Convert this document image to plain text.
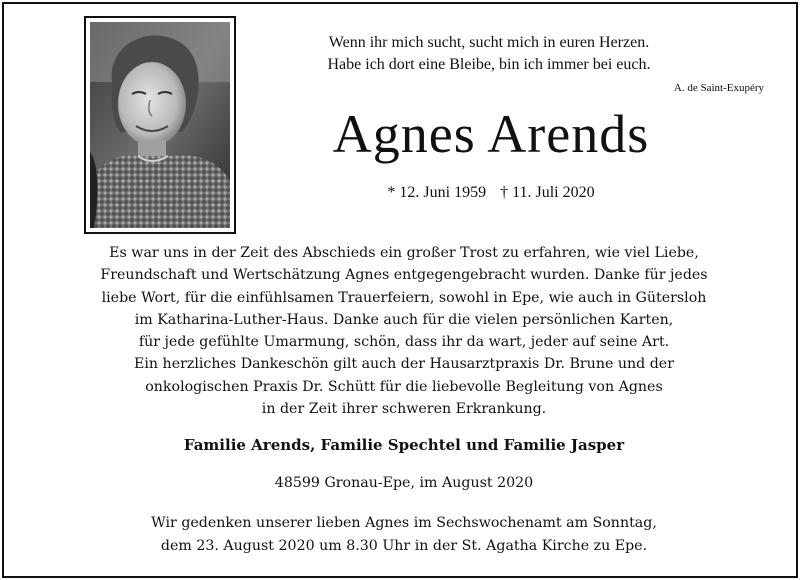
Wenn ihr mich sucht, sucht mich in euren Herzen.
Habe ich dort eine Bleibe, bin ich immer bei euch.
A. de Saint-Exupéry
Agnes Arends
* 12. Juni 1959 † 11. Juli 2020
Es war uns in der Zeit des Abschieds ein großer Trost zu erfahren, wie viel Liebe,
Freundschaft und Wertschätzung Agnes entgegengebracht wurden. Danke für jedes
liebe Wort, für die einfühlsamen Trauerfeiern, sowohl in Epe, wie auch in Gütersloh
im Katharina-Luther-Haus. Danke auch für die vielen persönlichen Karten,
für jede gefühlte Umarmung, schön, dass ihr da wart, jeder auf seine Art.
Ein herzliches Dankeschön gilt auch der Hausarztpraxis Dr. Brune und der
onkologischen Praxis Dr. Schütt für die liebevolle Begleitung von Agnes
in der Zeit ihrer schweren Erkrankung.
Familie Arends, Familie Spechtel und Familie Jasper
48599 Gronau-Epe, im August 2020
Wir gedenken unserer lieben Agnes im Sechswochenamt am Sonntag,
dem 23. August 2020 um 8.30 Uhr in der St. Agatha Kirche zu Epe.
